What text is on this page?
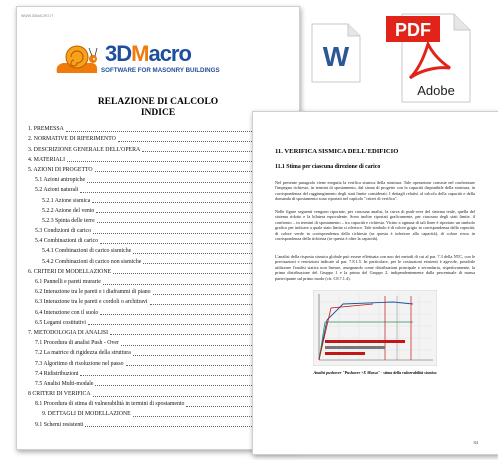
WWW.3DMACRO.IT
3DMacro
SOFTWARE FOR MASONRY BUILDINGS
RELAZIONE DI CALCOLO
INDICE
1. PREMESSA
2. NORMATIVE DI RIFERIMENTO
3. DESCRIZIONE GENERALE DELL'OPERA
4. MATERIALI
5. AZIONI DI PROGETTO
5.1 Azioni antropiche
5.2 Azioni naturali
5.2.1 Azione sismica
5.2.2 Azione del vento
5.2.3 Spinta delle terre
5.3 Condizioni di carico
5.4 Combinazioni di carico
5.4.1 Combinazioni di carico sismiche
5.4.2 Combinazioni di carico non sismiche
6. CRITERI DI MODELLAZIONE
6.1 Pannelli e pareti murarie
6.2 Interazione tra le pareti e i diaframmi di piano
6.3 Interazione tra le pareti e cordoli o architravi
6.4 Interazione con il suolo
6.5 Legami costitutivi
7. METODOLOGIA DI ANALISI
7.1 Procedura di analisi Push - Over
7.2 La matrice di rigidezza della struttura
7.3 Algoritmo di risoluzione nel passo
7.4 Ridistribuzioni
7.5 Analisi Multi-modale
8 CRITERI DI VERIFICA
8.1 Procedura di stima di vulnerabilità in termini di spostamento
9. DETTAGLI DI MODELLAZIONE
9.1 Schemi resistenti
11. VERIFICA SISMICA DELL'EDIFICIO
11.1 Stima per ciascuna direzione di carico
Nel presente paragrafo viene eseguita la verifica sismica della struttura. Tale operazione consiste nel confrontare l'impegno richiesto, in termini di spostamento, dal sisma di progetto con la capacità disponibile della struttura, in corrispondenza del raggiungimento degli stati limite considerati. I dettagli relativi al calcolo della capacità e della domanda di spostamento sono riportati nel capitolo "criteri di verifica".
Nelle figure seguenti vengono riportate, per ciascuna analisi, la curva di push-over del sistema reale, quella del sistema ridotto e la bilatera equivalente. Sono inoltre riportati graficamente, per ciascuno degli stati limite, il confronto – in termini di spostamento – tra capacità e richiesta. Vicino a ognuna di tali linee è riportato un simbolo grafico per indicare a quale stato limite si riferisce. Tale simbolo è di colore grigio in corrispondenza della capacità, di colore verde in corrispondenza della richiesta (se questa è inferiore alla capacità), di colore rosso in corrispondenza della richiesta (se questa è oltre la capacità).
L'analisi della risposta sismica globale può essere effettuata con uno dei metodi di cui al par. 7.3 della NTC, con le precisazioni e restrizioni indicate al par. 7.8.1.5. In particolare, per le costruzioni esistenti è agevole, possibile utilizzare l'analisi statica non lineare, assegnando come distribuzioni principale e secondaria, rispettivamente, la prima distribuzione del Gruppo 1 e la prima del Gruppo 2, indipendentemente dalla percentuale di massa partecipante sul primo modo (cfr. C8.7.1.4).
Analisi pushover "Pushover +X Massa" - stima della vulnerabilità sismica
84
W
PDF
Adobe
